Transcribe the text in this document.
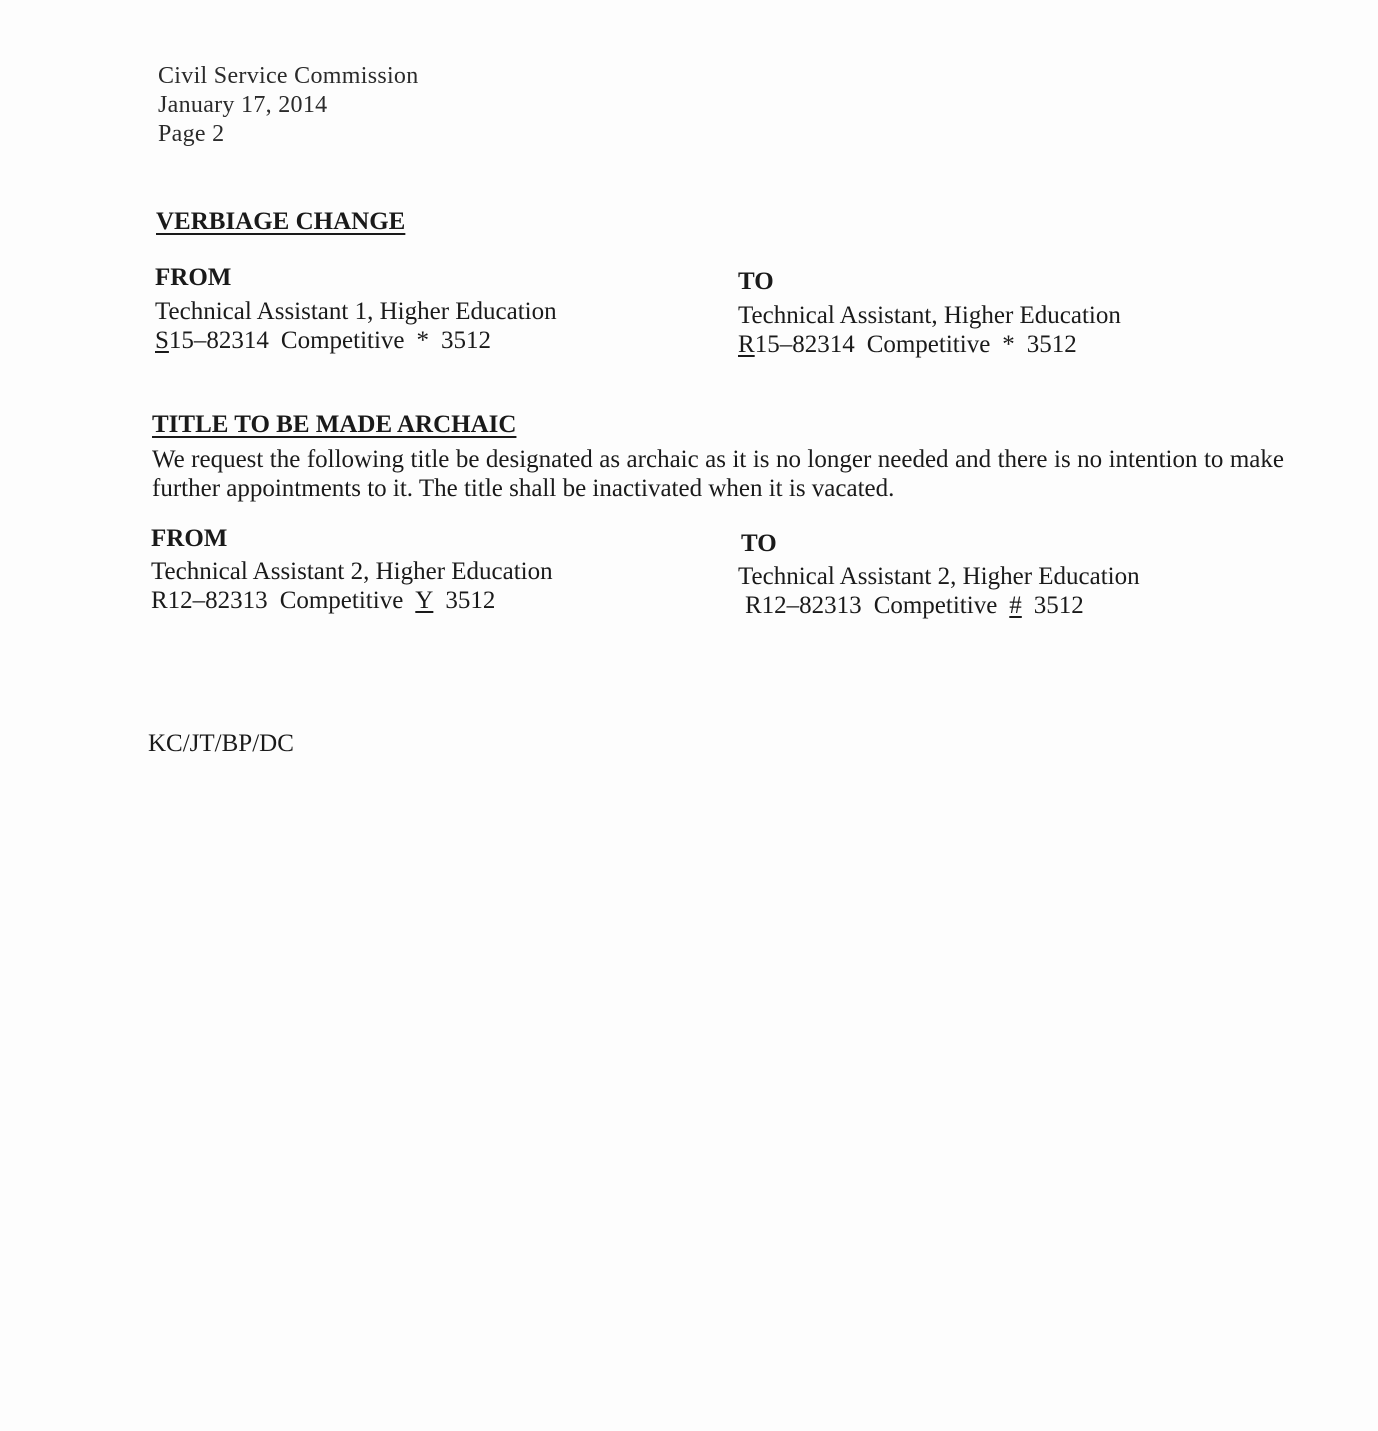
Civil Service Commission
January 17, 2014
Page 2
VERBIAGE CHANGE
FROM
Technical Assistant 1, Higher Education
S15–82314 Competitive * 3512
TO
Technical Assistant, Higher Education
R15–82314 Competitive * 3512
TITLE TO BE MADE ARCHAIC
We request the following title be designated as archaic as it is no longer needed and there is no intention to make further appointments to it. The title shall be inactivated when it is vacated.
FROM
Technical Assistant 2, Higher Education
R12–82313 Competitive Y 3512
TO
Technical Assistant 2, Higher Education
R12–82313 Competitive # 3512
KC/JT/BP/DC
